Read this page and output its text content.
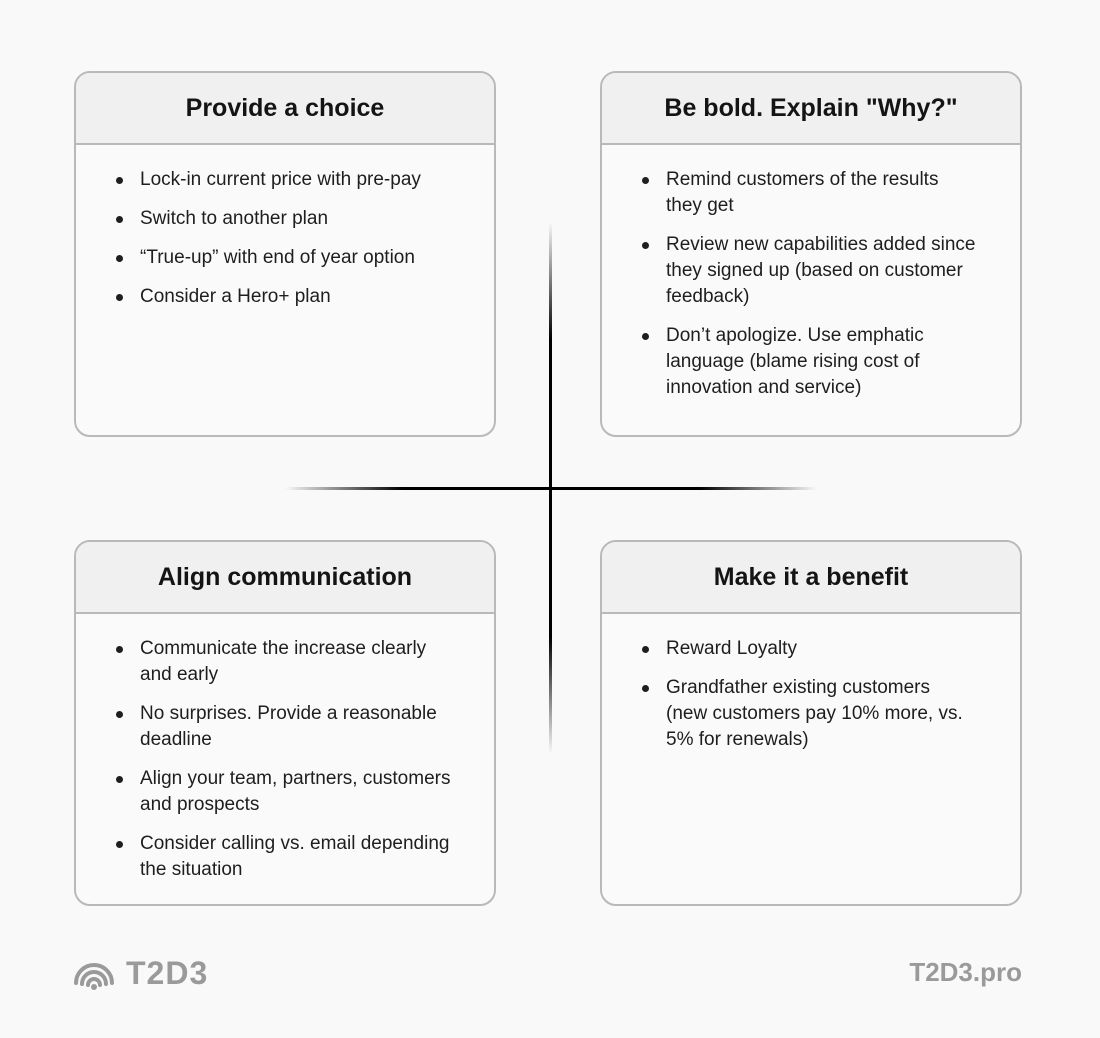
Provide a choice
Lock-in current price with pre-pay
Switch to another plan
“True-up” with end of year option
Consider a Hero+ plan
Be bold. Explain "Why?"
Remind customers of the results they get
Review new capabilities added since they signed up (based on customer feedback)
Don’t apologize. Use emphatic language (blame rising cost of innovation and service)
Align communication
Communicate the increase clearly and early
No surprises. Provide a reasonable deadline
Align your team, partners, customers and prospects
Consider calling vs. email depending the situation
Make it a benefit
Reward Loyalty
Grandfather existing customers (new customers pay 10% more, vs. 5% for renewals)
T2D3	T2D3.pro
